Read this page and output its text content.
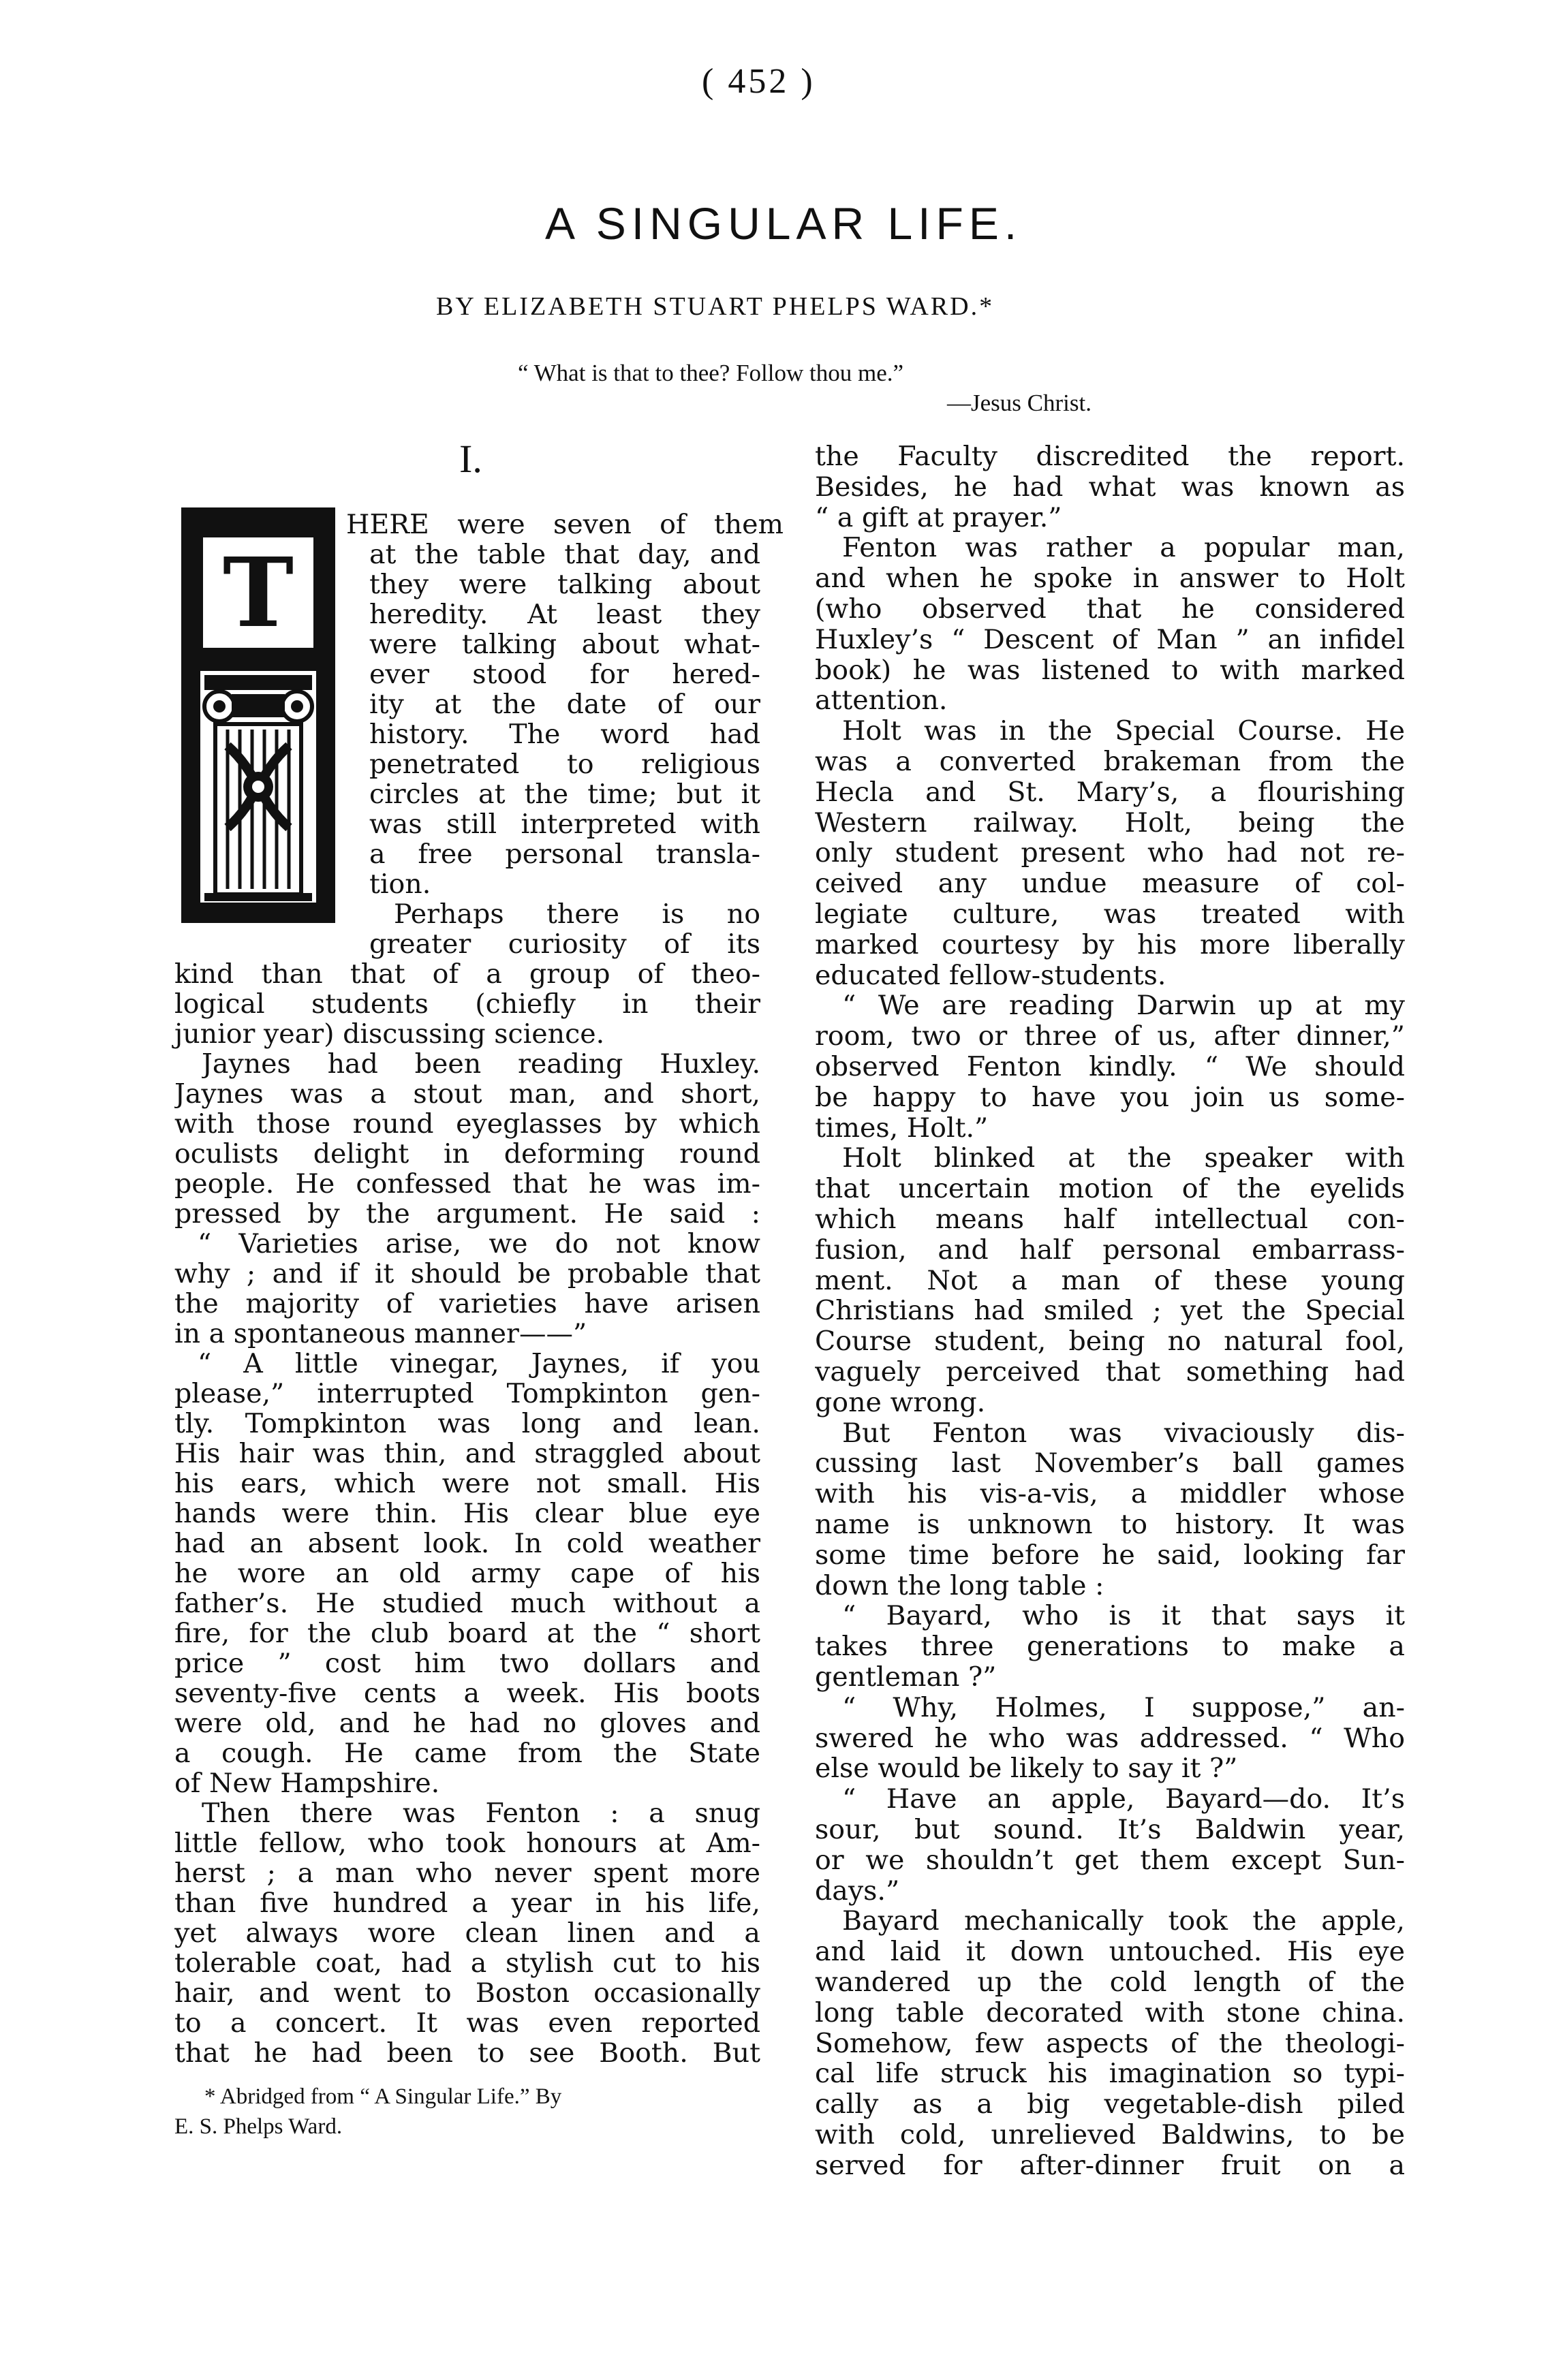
( 452 )
A SINGULAR LIFE.
BY ELIZABETH STUART PHELPS WARD.*
“ What is that to thee? Follow thou me.”
—Jesus Christ.
I.
T
HERE were seven of them
at the table that day, and
they were talking about
heredity. At least they
were talking about what-
ever stood for hered-
ity at the date of our
history. The word had
penetrated to religious
circles at the time; but it
was still interpreted with
a free personal transla-
tion.
Perhaps there is no
greater curiosity of its
kind than that of a group of theo-
logical students (chiefly in their
junior year) discussing science.
Jaynes had been reading Huxley.
Jaynes was a stout man, and short,
with those round eyeglasses by which
oculists delight in deforming round
people. He confessed that he was im-
pressed by the argument. He said :
“ Varieties arise, we do not know
why ; and if it should be probable that
the majority of varieties have arisen
in a spontaneous manner——”
“ A little vinegar, Jaynes, if you
please,” interrupted Tompkinton gen-
tly. Tompkinton was long and lean.
His hair was thin, and straggled about
his ears, which were not small. His
hands were thin. His clear blue eye
had an absent look. In cold weather
he wore an old army cape of his
father’s. He studied much without a
fire, for the club board at the “ short
price ” cost him two dollars and
seventy-five cents a week. His boots
were old, and he had no gloves and
a cough. He came from the State
of New Hampshire.
Then there was Fenton : a snug
little fellow, who took honours at Am-
herst ; a man who never spent more
than five hundred a year in his life,
yet always wore clean linen and a
tolerable coat, had a stylish cut to his
hair, and went to Boston occasionally
to a concert. It was even reported
that he had been to see Booth. But
* Abridged from “ A Singular Life.” By
E. S. Phelps Ward.
the Faculty discredited the report.
Besides, he had what was known as
“ a gift at prayer.”
Fenton was rather a popular man,
and when he spoke in answer to Holt
(who observed that he considered
Huxley’s “ Descent of Man ” an infidel
book) he was listened to with marked
attention.
Holt was in the Special Course. He
was a converted brakeman from the
Hecla and St. Mary’s, a flourishing
Western railway. Holt, being the
only student present who had not re-
ceived any undue measure of col-
legiate culture, was treated with
marked courtesy by his more liberally
educated fellow-students.
“ We are reading Darwin up at my
room, two or three of us, after dinner,”
observed Fenton kindly. “ We should
be happy to have you join us some-
times, Holt.”
Holt blinked at the speaker with
that uncertain motion of the eyelids
which means half intellectual con-
fusion, and half personal embarrass-
ment. Not a man of these young
Christians had smiled ; yet the Special
Course student, being no natural fool,
vaguely perceived that something had
gone wrong.
But Fenton was vivaciously dis-
cussing last November’s ball games
with his vis-a-vis, a middler whose
name is unknown to history. It was
some time before he said, looking far
down the long table :
“ Bayard, who is it that says it
takes three generations to make a
gentleman ?”
“ Why, Holmes, I suppose,” an-
swered he who was addressed. “ Who
else would be likely to say it ?”
“ Have an apple, Bayard—do. It’s
sour, but sound. It’s Baldwin year,
or we shouldn’t get them except Sun-
days.”
Bayard mechanically took the apple,
and laid it down untouched. His eye
wandered up the cold length of the
long table decorated with stone china.
Somehow, few aspects of the theologi-
cal life struck his imagination so typi-
cally as a big vegetable-dish piled
with cold, unrelieved Baldwins, to be
served for after-dinner fruit on a
